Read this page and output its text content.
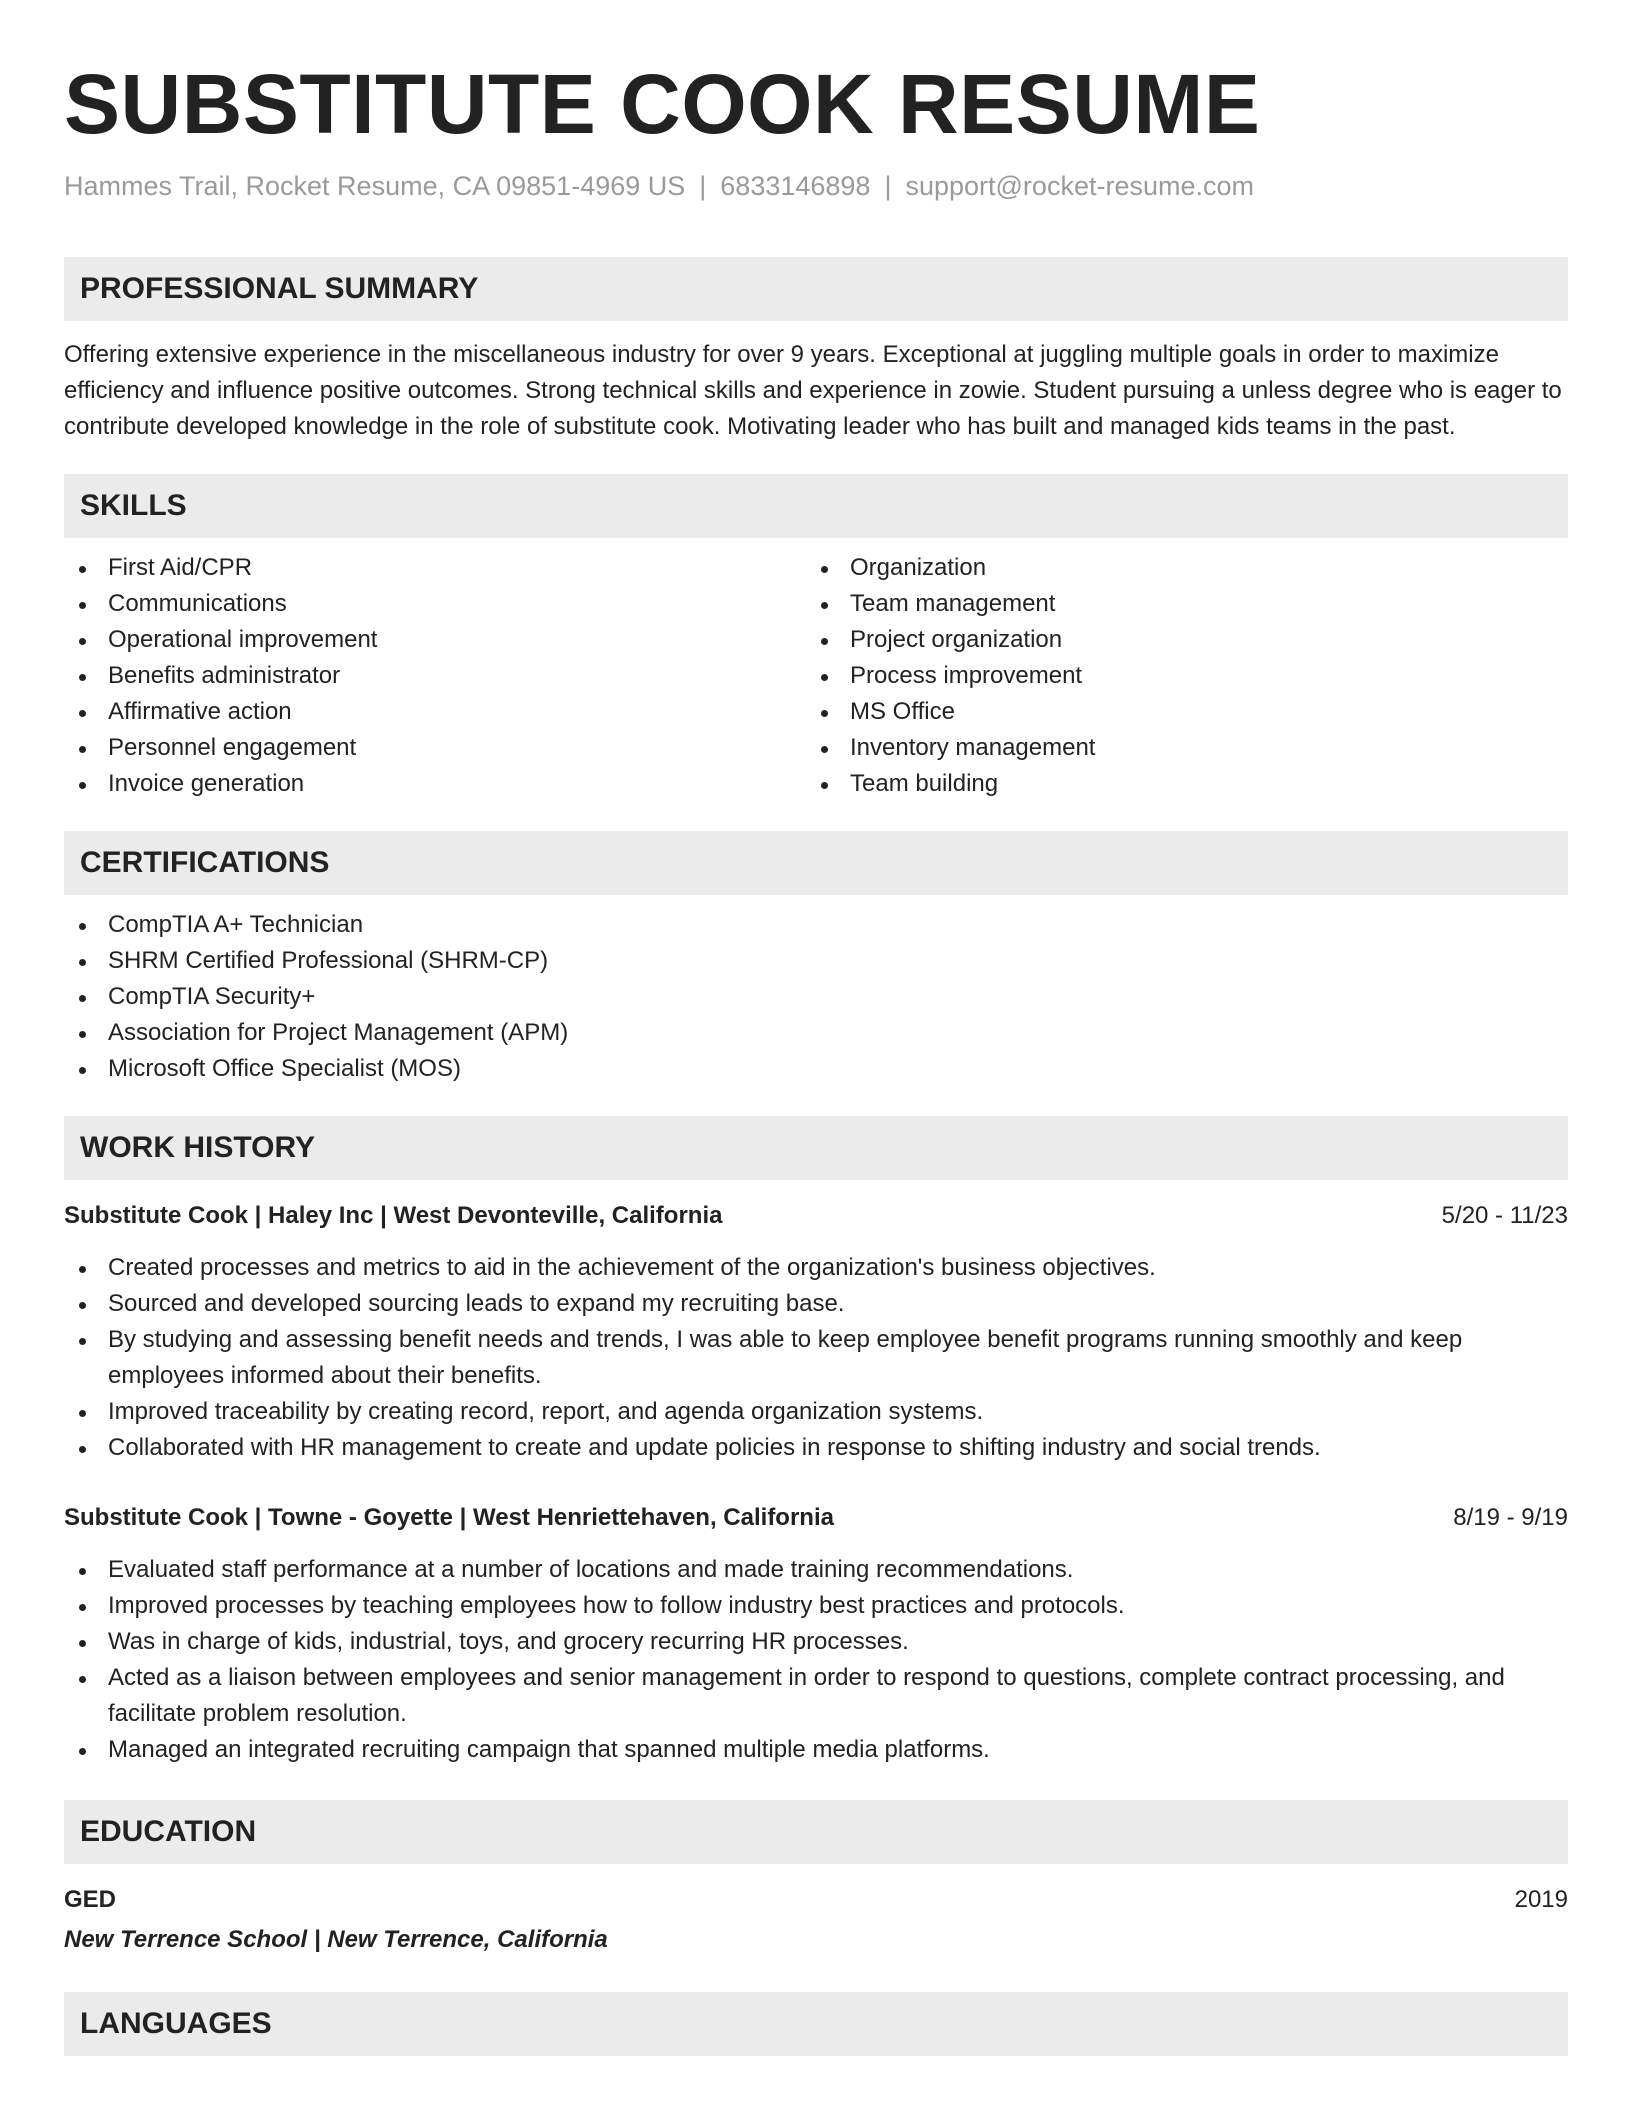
SUBSTITUTE COOK RESUME
Hammes Trail, Rocket Resume, CA 09851-4969 US | 6833146898 | support@rocket-resume.com
PROFESSIONAL SUMMARY

Offering extensive experience in the miscellaneous industry for over 9 years. Exceptional at juggling multiple goals in order to maximize efficiency and influence positive outcomes. Strong technical skills and experience in zowie. Student pursuing a unless degree who is eager to contribute developed knowledge in the role of substitute cook. Motivating leader who has built and managed kids teams in the past.

SKILLS
First Aid/CPR
Communications
Operational improvement
Benefits administrator
Affirmative action
Personnel engagement
Invoice generation
Organization
Team management
Project organization
Process improvement
MS Office
Inventory management
Team building
CERTIFICATIONS
CompTIA A+ Technician
SHRM Certified Professional (SHRM-CP)
CompTIA Security+
Association for Project Management (APM)
Microsoft Office Specialist (MOS)
WORK HISTORY
Substitute Cook | Haley Inc | West Devonteville, California	5/20 - 11/23
Created processes and metrics to aid in the achievement of the organization's business objectives.
Sourced and developed sourcing leads to expand my recruiting base.
By studying and assessing benefit needs and trends, I was able to keep employee benefit programs running smoothly and keep employees informed about their benefits.
Improved traceability by creating record, report, and agenda organization systems.
Collaborated with HR management to create and update policies in response to shifting industry and social trends.
Substitute Cook | Towne - Goyette | West Henriettehaven, California	8/19 - 9/19
Evaluated staff performance at a number of locations and made training recommendations.
Improved processes by teaching employees how to follow industry best practices and protocols.
Was in charge of kids, industrial, toys, and grocery recurring HR processes.
Acted as a liaison between employees and senior management in order to respond to questions, complete contract processing, and facilitate problem resolution.
Managed an integrated recruiting campaign that spanned multiple media platforms.
EDUCATION
GED	2019
New Terrence School | New Terrence, California
LANGUAGES
